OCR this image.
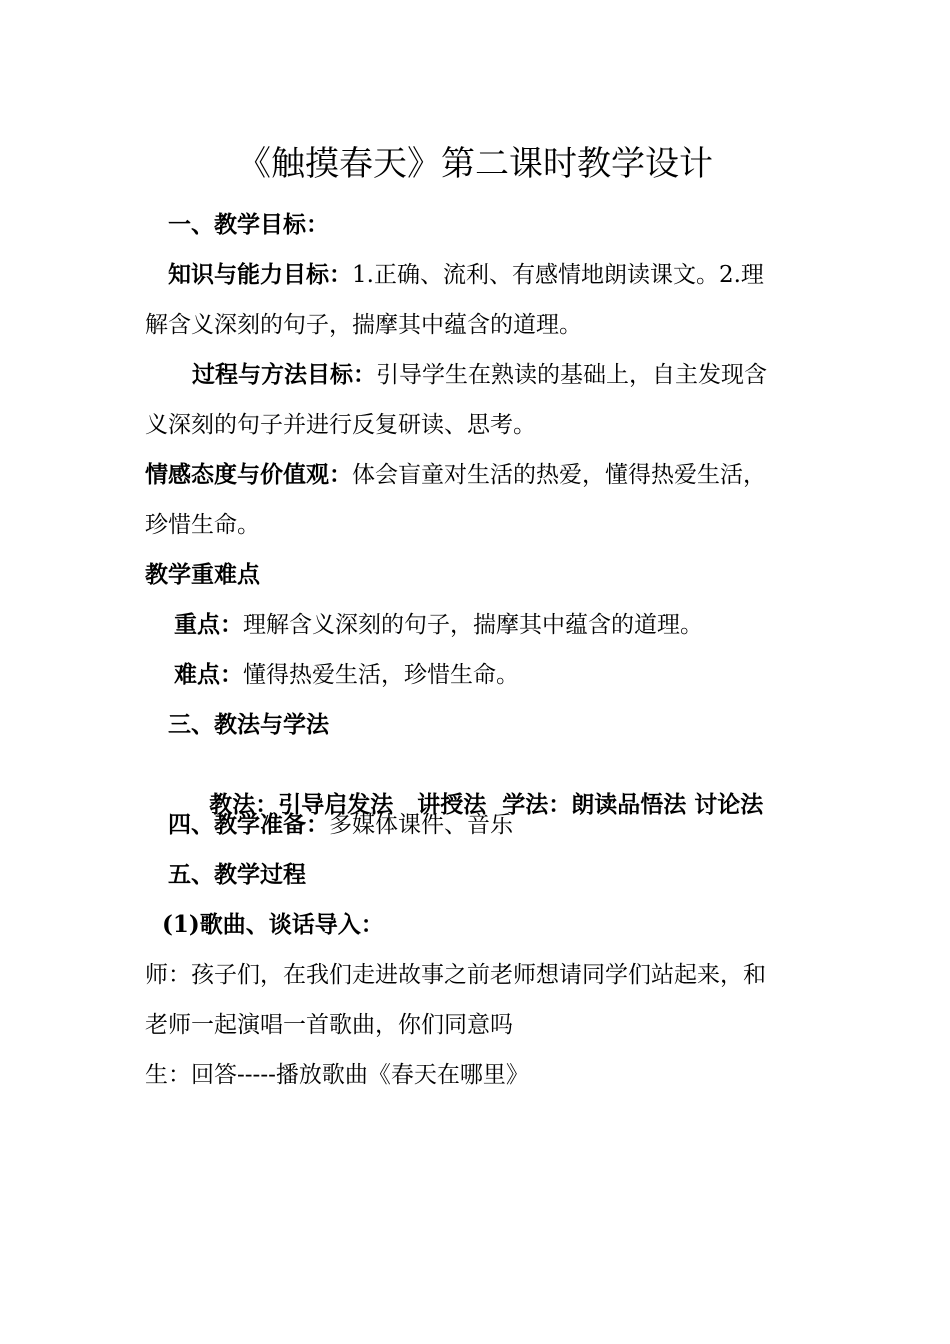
《触摸春天》第二课时教学设计
一、教学目标：
知识与能力目标：1.正确、流利、有感情地朗读课文。2.理
解含义深刻的句子，揣摩其中蕴含的道理。
过程与方法目标：引导学生在熟读的基础上，自主发现含
义深刻的句子并进行反复研读、思考。
情感态度与价值观：体会盲童对生活的热爱，懂得热爱生活，
珍惜生命。
教学重难点
重点：理解含义深刻的句子，揣摩其中蕴含的道理。
难点：懂得热爱生活，珍惜生命。
三、教法与学法

教法：引导启发法   讲授法  学法：朗读品悟法 讨论法

四、教学准备：多媒体课件、音乐
五、教学过程
(1)歌曲、谈话导入：
师：孩子们，在我们走进故事之前老师想请同学们站起来，和
老师一起演唱一首歌曲，你们同意吗
生：回答-----播放歌曲《春天在哪里》
